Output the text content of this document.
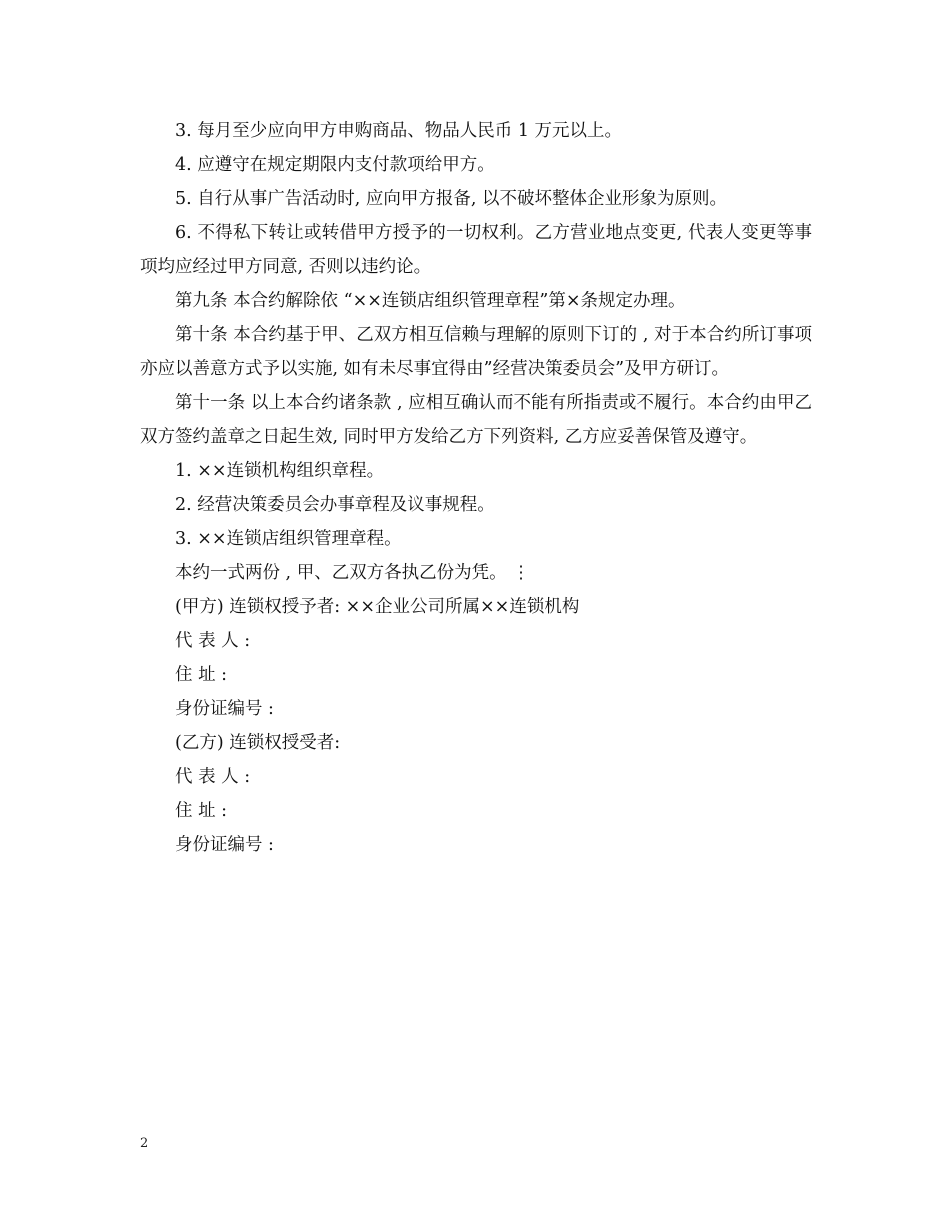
3. 每月至少应向甲方申购商品、物品人民币 1 万元以上。

4. 应遵守在规定期限内支付款项给甲方。

5. 自行从事广告活动时, 应向甲方报备, 以不破坏整体企业形象为原则。

6. 不得私下转让或转借甲方授予的一切权利。乙方营业地点变更, 代表人变更等事项均应经过甲方同意, 否则以违约论。

第九条 本合约解除依 “××连锁店组织管理章程”第×条规定办理。

第十条 本合约基于甲、乙双方相互信赖与理解的原则下订的 , 对于本合约所订事项亦应以善意方式予以实施, 如有未尽事宜得由”经营决策委员会”及甲方研订。

第十一条 以上本合约诸条款 , 应相互确认而不能有所指责或不履行。本合约由甲乙双方签约盖章之日起生效, 同时甲方发给乙方下列资料, 乙方应妥善保管及遵守。

1. ××连锁机构组织章程。

2. 经营决策委员会办事章程及议事规程。

3. ××连锁店组织管理章程。

本约一式两份 , 甲、乙双方各执乙份为凭。 ⋮

(甲方) 连锁权授予者: ××企业公司所属××连锁机构

代 表 人 :

住 址 :

身份证编号 :

(乙方) 连锁权授受者:

代 表 人 :

住 址 :

身份证编号 :

2
